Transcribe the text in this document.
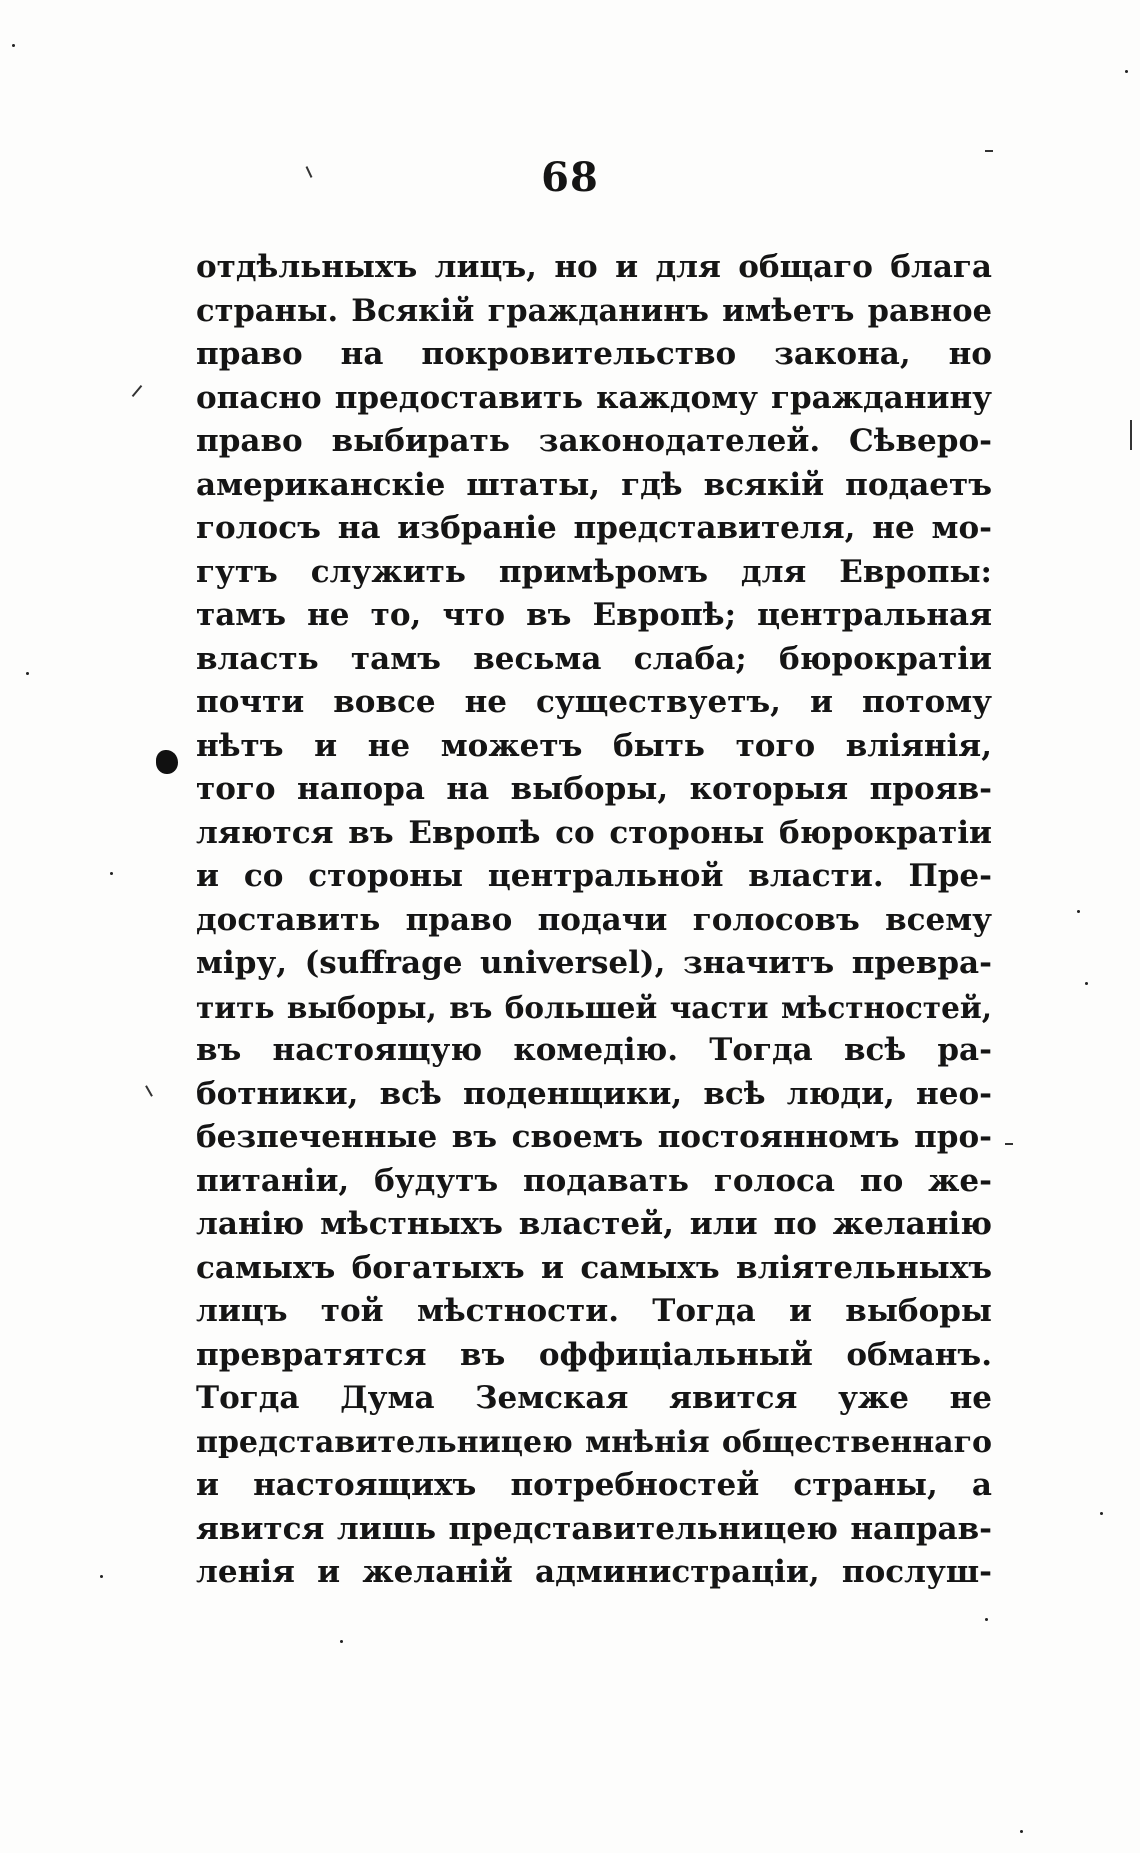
68
отдѣльныхъ лицъ, но и для общаго блага
страны. Всякій гражданинъ имѣетъ равное
право на покровительство закона, но
опасно предоставить каждому гражданину
право выбирать законодателей. Сѣверо-
американскіе штаты, гдѣ всякій подаетъ
голосъ на избраніе представителя, не мо-
гутъ служить примѣромъ для Европы:
тамъ не то, что въ Европѣ; центральная
власть тамъ весьма слаба; бюрократіи
почти вовсе не существуетъ, и потому
нѣтъ и не можетъ быть того вліянія,
того напора на выборы, которыя прояв-
ляются въ Европѣ со стороны бюрократіи
и со стороны центральной власти. Пре-
доставить право подачи голосовъ всему
міру, (suffrage universel), значитъ превра-
тить выборы, въ большей части мѣстностей,
въ настоящую комедію. Тогда всѣ ра-
ботники, всѣ поденщики, всѣ люди, нео-
безпеченные въ своемъ постоянномъ про-
питаніи, будутъ подавать голоса по же-
ланію мѣстныхъ властей, или по желанію
самыхъ богатыхъ и самыхъ вліятельныхъ
лицъ той мѣстности. Тогда и выборы
превратятся въ оффиціальный обманъ.
Тогда Дума Земская явится уже не
представительницею мнѣнія общественнаго
и настоящихъ потребностей страны, а
явится лишь представительницею направ-
ленія и желаній администраціи, послуш-
